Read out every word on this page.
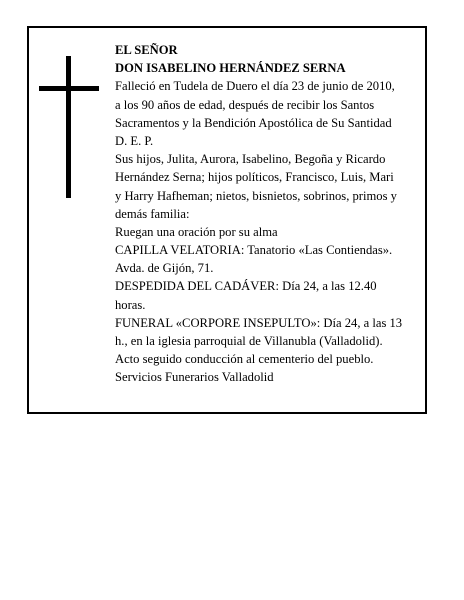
EL SEÑOR
DON ISABELINO HERNÁNDEZ SERNA
Falleció en Tudela de Duero el día 23 de junio de 2010,
a los 90 años de edad, después de recibir los Santos
Sacramentos y la Bendición Apostólica de Su Santidad
D. E. P.
Sus hijos, Julita, Aurora, Isabelino, Begoña y Ricardo
Hernández Serna; hijos políticos, Francisco, Luis, Mari
y Harry Hafheman; nietos, bisnietos, sobrinos, primos y
demás familia:
Ruegan una oración por su alma
CAPILLA VELATORIA: Tanatorio «Las Contiendas».
Avda. de Gijón, 71.
DESPEDIDA DEL CADÁVER: Día 24, a las 12.40
horas.
FUNERAL «CORPORE INSEPULTO»: Día 24, a las 13
h., en la iglesia parroquial de Villanubla (Valladolid).
Acto seguido conducción al cementerio del pueblo.
Servicios Funerarios Valladolid
